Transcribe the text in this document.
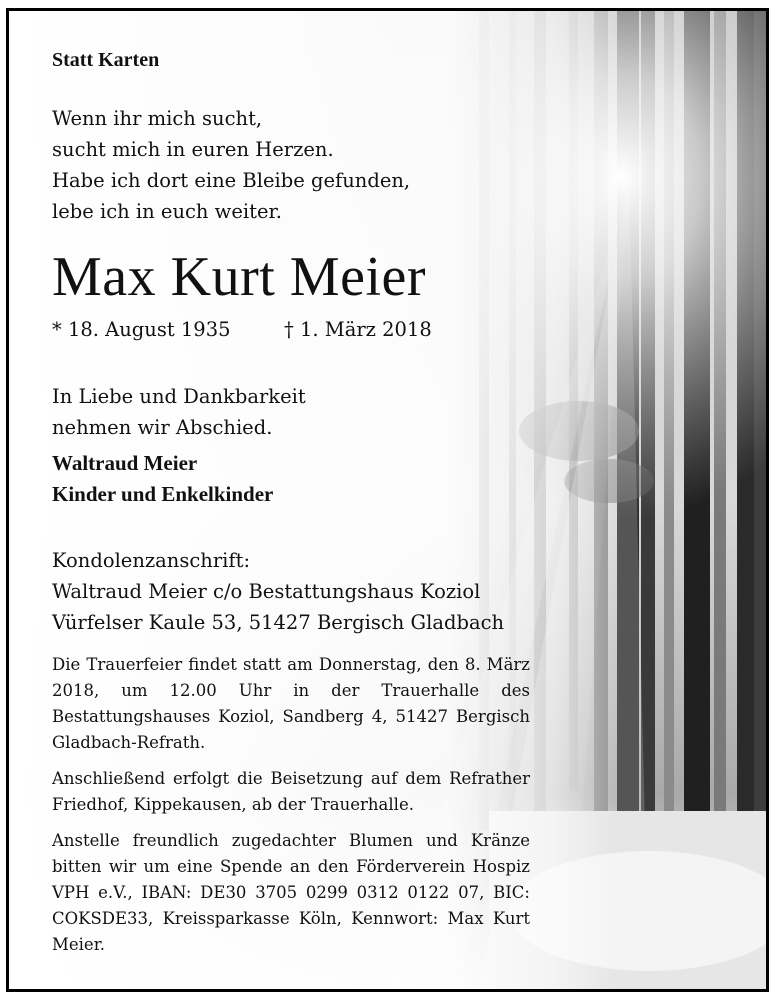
Statt Karten
Wenn ihr mich sucht,
sucht mich in euren Herzen.
Habe ich dort eine Bleibe gefunden,
lebe ich in euch weiter.
Max Kurt Meier
* 18. August 1935	† 1. März 2018
In Liebe und Dankbarkeit
nehmen wir Abschied.
Waltraud Meier
Kinder und Enkelkinder
Kondolenzanschrift:
Waltraud Meier c/o Bestattungshaus Koziol
Vürfelser Kaule 53, 51427 Bergisch Gladbach
Die Trauerfeier findet statt am Donnerstag, den 8. März 2018, um 12.00 Uhr in der Trauerhalle des Bestattungshauses Koziol, Sandberg 4, 51427 Bergisch Gladbach-Refrath.
Anschließend erfolgt die Beisetzung auf dem Refrather Friedhof, Kippekausen, ab der Trauerhalle.
Anstelle freundlich zugedachter Blumen und Kränze bitten wir um eine Spende an den Förderverein Hospiz VPH e.V., IBAN: DE30 3705 0299 0312 0122 07, BIC: COKSDE33, Kreissparkasse Köln, Kennwort: Max Kurt Meier.
